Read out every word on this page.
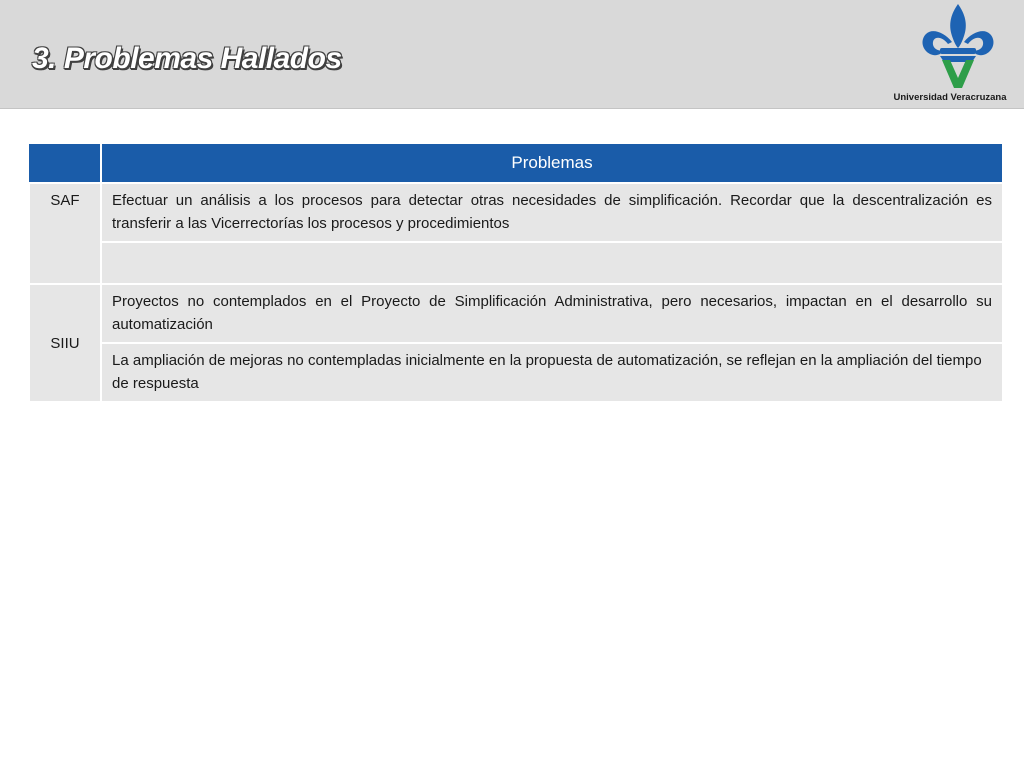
3. Problemas Hallados
Universidad Veracruzana
	Problemas
SAF	Efectuar un análisis a los procesos para detectar otras necesidades de simplificación. Recordar que la descentralización es transferir a las Vicerrectorías los procesos y procedimientos

SIIU	Proyectos no contemplados en el Proyecto de Simplificación Administrativa, pero necesarios, impactan en el desarrollo su automatización
	La ampliación de mejoras no contempladas inicialmente en la propuesta de automatización, se reflejan en la ampliación del tiempo de respuesta
